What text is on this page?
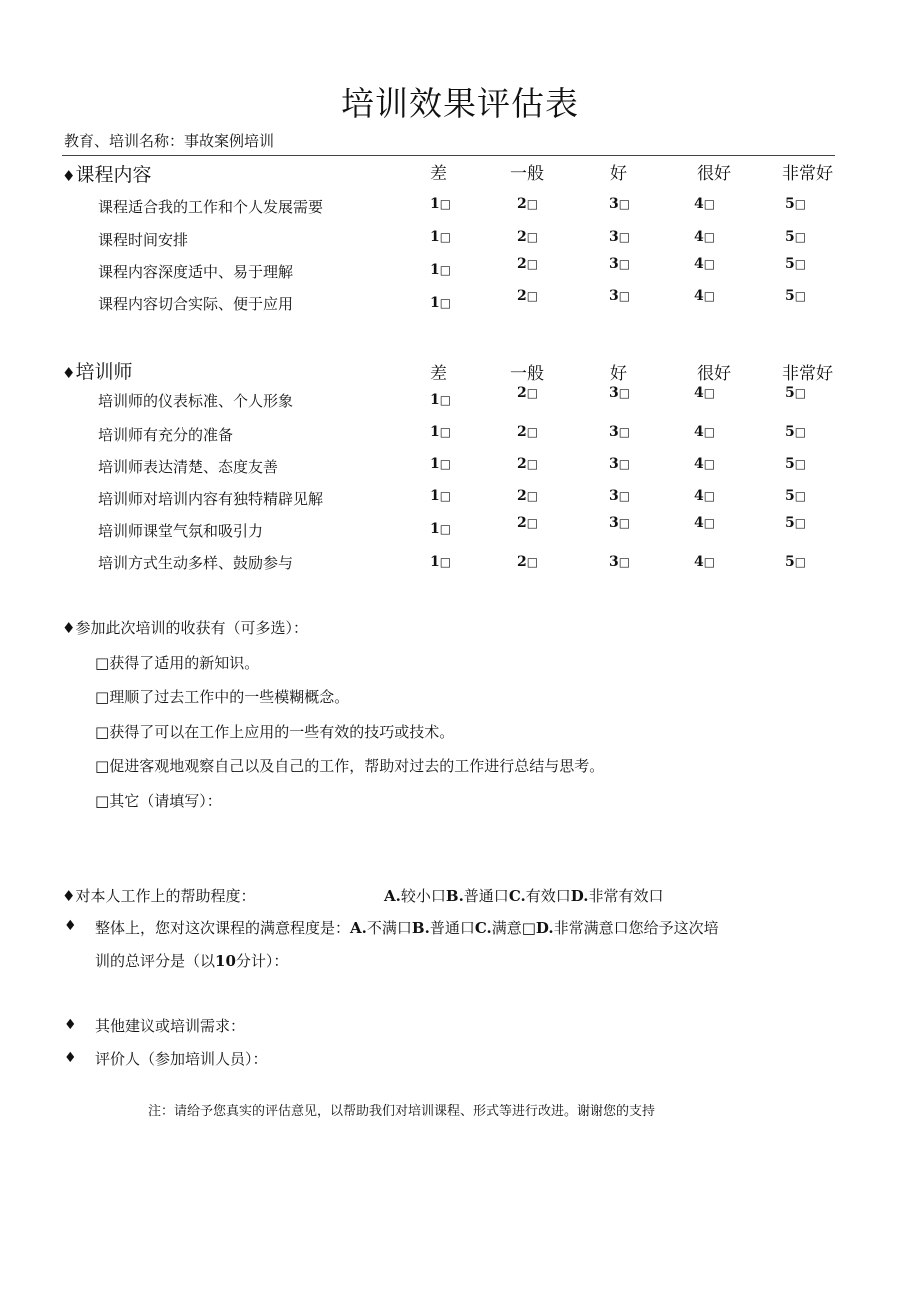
培训效果评估表
教育、培训名称：事故案例培训
♦课程内容	差	一般	好	很好	非常好
课程适合我的工作和个人发展需要	1□	2□	3□	4□	5□
课程时间安排	1□	2□	3□	4□	5□
课程内容深度适中、易于理解	1□	2□	3□	4□	5□
课程内容切合实际、便于应用	1□	2□	3□	4□	5□
♦培训师	差	一般	好	很好	非常好
培训师的仪表标准、个人形象	1□	2□	3□	4□	5□
培训师有充分的准备	1□	2□	3□	4□	5□
培训师表达清楚、态度友善	1□	2□	3□	4□	5□
培训师对培训内容有独特精辟见解	1□	2□	3□	4□	5□
培训师课堂气氛和吸引力	1□	2□	3□	4□	5□
培训方式生动多样、鼓励参与	1□	2□	3□	4□	5□
♦参加此次培训的收获有（可多选）：
□获得了适用的新知识。
□理顺了过去工作中的一些模糊概念。
□获得了可以在工作上应用的一些有效的技巧或技术。
□促进客观地观察自己以及自己的工作，帮助对过去的工作进行总结与思考。
□其它（请填写）：
♦对本人工作上的帮助程度：	A.较小口B.普通口C.有效口D.非常有效口
♦ 整体上，您对这次课程的满意程度是：A.不满口B.普通口C.满意□D.非常满意口您给予这次培
训的总评分是（以10分计）：
♦ 其他建议或培训需求：
♦ 评价人（参加培训人员）：
注：请给予您真实的评估意见，以帮助我们对培训课程、形式等进行改进。谢谢您的支持
